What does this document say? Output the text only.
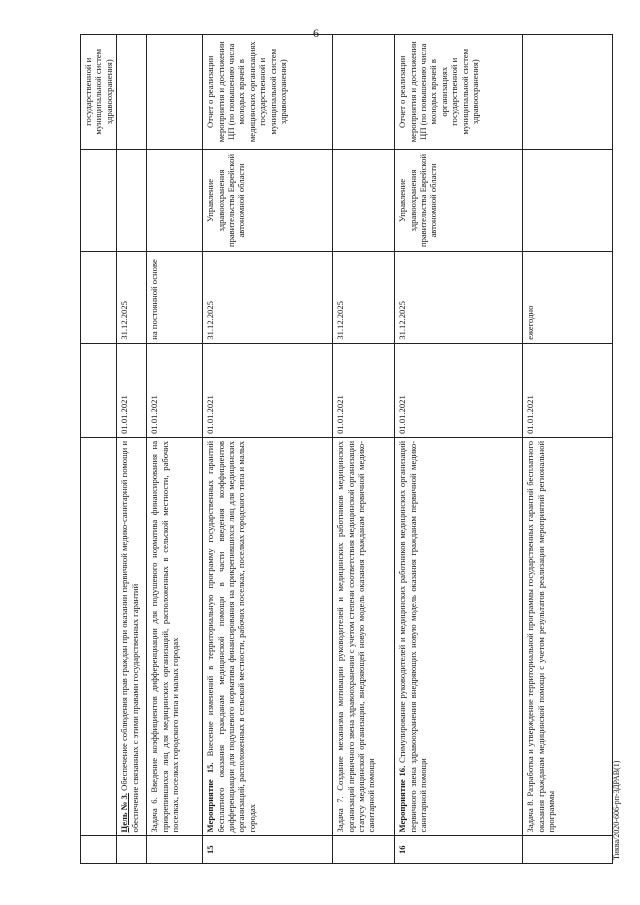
6
					государственной и муниципальной систем здравоохранения)
	Цель № 3. Обеспечение соблюдения прав граждан при оказании первичной медико-санитарной помощи и обеспечение связанных с этими правами государственных гарантий	01.01.2021	31.12.2025		
	Задача 6. Введение коэффициентов дифференциации для подушевого норматива финансирования на прикрепившихся лиц для медицинских организаций, расположенных в сельской местности, рабочих поселках, поселках городского типа и малых городах	01.01.2021	на постоянной основе		
15	Мероприятие 15. Внесение изменений в территориальную программу государственных гарантий бесплатного оказания гражданам медицинской помощи в части введения коэффициентов дифференциации для подушевого норматива финансирования на прикрепившихся лиц для медицинских организаций, расположенных в сельской местности, рабочих поселках, поселках городского типа и малых городах	01.01.2021	31.12.2025	Управление здравоохранения правительства Еврейской автономной области	Отчет о реализации мероприятия и достижении ЦП (по повышению числа молодых врачей в медицинских организациях государственной и муниципальной систем здравоохранения)
	Задача 7. Создание механизма мотивации руководителей и медицинских работников медицинских организаций первичного звена здравоохранения с учетом степени соответствия медицинской организации статусу медицинской организации, внедряющей новую модель оказания гражданам первичной медико-санитарной помощи	01.01.2021	31.12.2025		
16	Мероприятие 16. Стимулирование руководителей и медицинских работников медицинских организаций первичного звена здравоохранения внедряющих новую модель оказания гражданам первичной медико-санитарной помощи	01.01.2021	31.12.2025	Управление здравоохранения правительства Еврейской автономной области	Отчет о реализации мероприятия и достижении ЦП (по повышению числа молодых врачей в организациях государственной и муниципальной систем здравоохранения)
	Задача 8. Разработка и утверждение территориальной программы государственных гарантий бесплатного оказания гражданам медицинской помощи с учетом результатов реализации мероприятий региональной программы	01.01.2021	ежегодно		
Тиква/2020-606-рп-ЗДРАВ(1)
